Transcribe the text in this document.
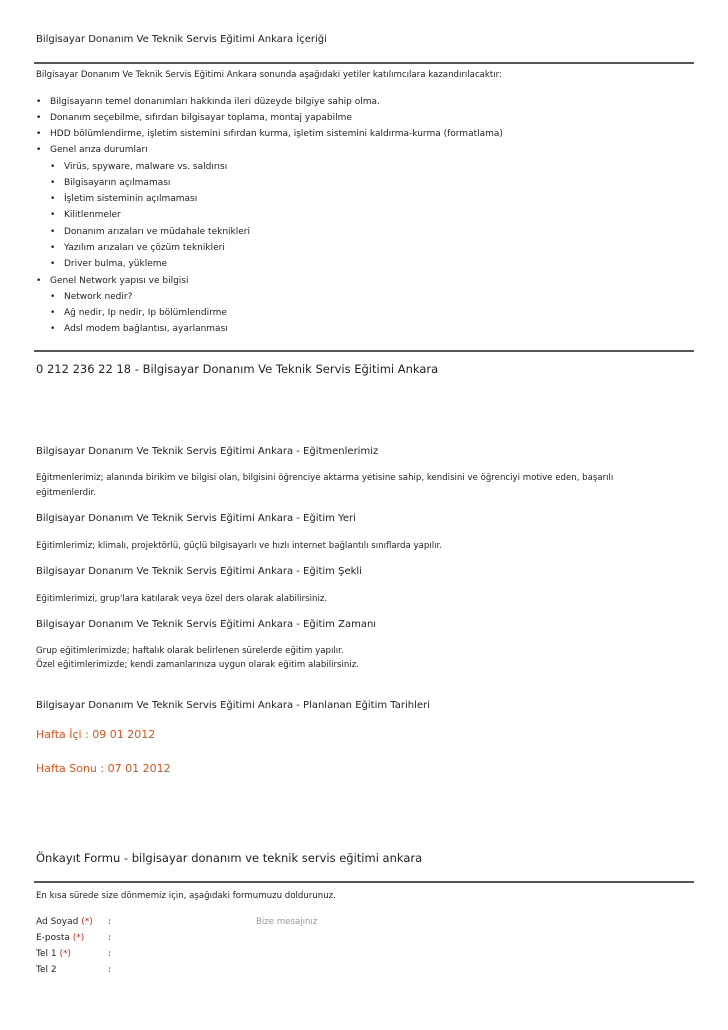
Bilgisayar Donanım Ve Teknik Servis Eğitimi Ankara İçeriği
Bilgisayar Donanım Ve Teknik Servis Eğitimi Ankara sonunda aşağıdaki yetiler katılımcılara kazandırılacaktır:
• Bilgisayarın temel donanımları hakkında ileri düzeyde bilgiye sahip olma.
• Donanım seçebilme, sıfırdan bilgisayar toplama, montaj yapabilme
• HDD bölümlendirme, işletim sistemini sıfırdan kurma, işletim sistemini kaldırma-kurma (formatlama)
• Genel arıza durumları
• Virüs, spyware, malware vs. saldırısı
• Bilgisayarın açılmaması
• İşletim sisteminin açılmaması
• Kilitlenmeler
• Donanım arızaları ve müdahale teknikleri
• Yazılım arızaları ve çözüm teknikleri
• Driver bulma, yükleme
• Genel Network yapısı ve bilgisi
• Network nedir?
• Ağ nedir, Ip nedir, Ip bölümlendirme
• Adsl modem bağlantısı, ayarlanması
0 212 236 22 18 - Bilgisayar Donanım Ve Teknik Servis Eğitimi Ankara
Bilgisayar Donanım Ve Teknik Servis Eğitimi Ankara - Eğitmenlerimiz
Eğitmenlerimiz; alanında birikim ve bilgisi olan, bilgisini öğrenciye aktarma yetisine sahip, kendisini ve öğrenciyi motive eden, başarılı
eğitmenlerdir.
Bilgisayar Donanım Ve Teknik Servis Eğitimi Ankara - Eğitim Yeri
Eğitimlerimiz; klimalı, projektörlü, güçlü bilgisayarlı ve hızlı internet bağlantılı sınıflarda yapılır.
Bilgisayar Donanım Ve Teknik Servis Eğitimi Ankara - Eğitim Şekli
Eğitimlerimizi, grup'lara katılarak veya özel ders olarak alabilirsiniz.
Bilgisayar Donanım Ve Teknik Servis Eğitimi Ankara - Eğitim Zamanı
Grup eğitimlerimizde; haftalık olarak belirlenen sürelerde eğitim yapılır.
Özel eğitimlerimizde; kendi zamanlarınıza uygun olarak eğitim alabilirsiniz.
Bilgisayar Donanım Ve Teknik Servis Eğitimi Ankara - Planlanan Eğitim Tarihleri
Hafta İçi : 09 01 2012
Hafta Sonu : 07 01 2012
Önkayıt Formu - bilgisayar donanım ve teknik servis eğitimi ankara
En kısa sürede size dönmemiz için, aşağıdaki formumuzu doldurunuz.
Ad Soyad (*) :
E-posta (*)	:
Tel 1 (*)	:
Tel 2	:
Bize mesajınız
